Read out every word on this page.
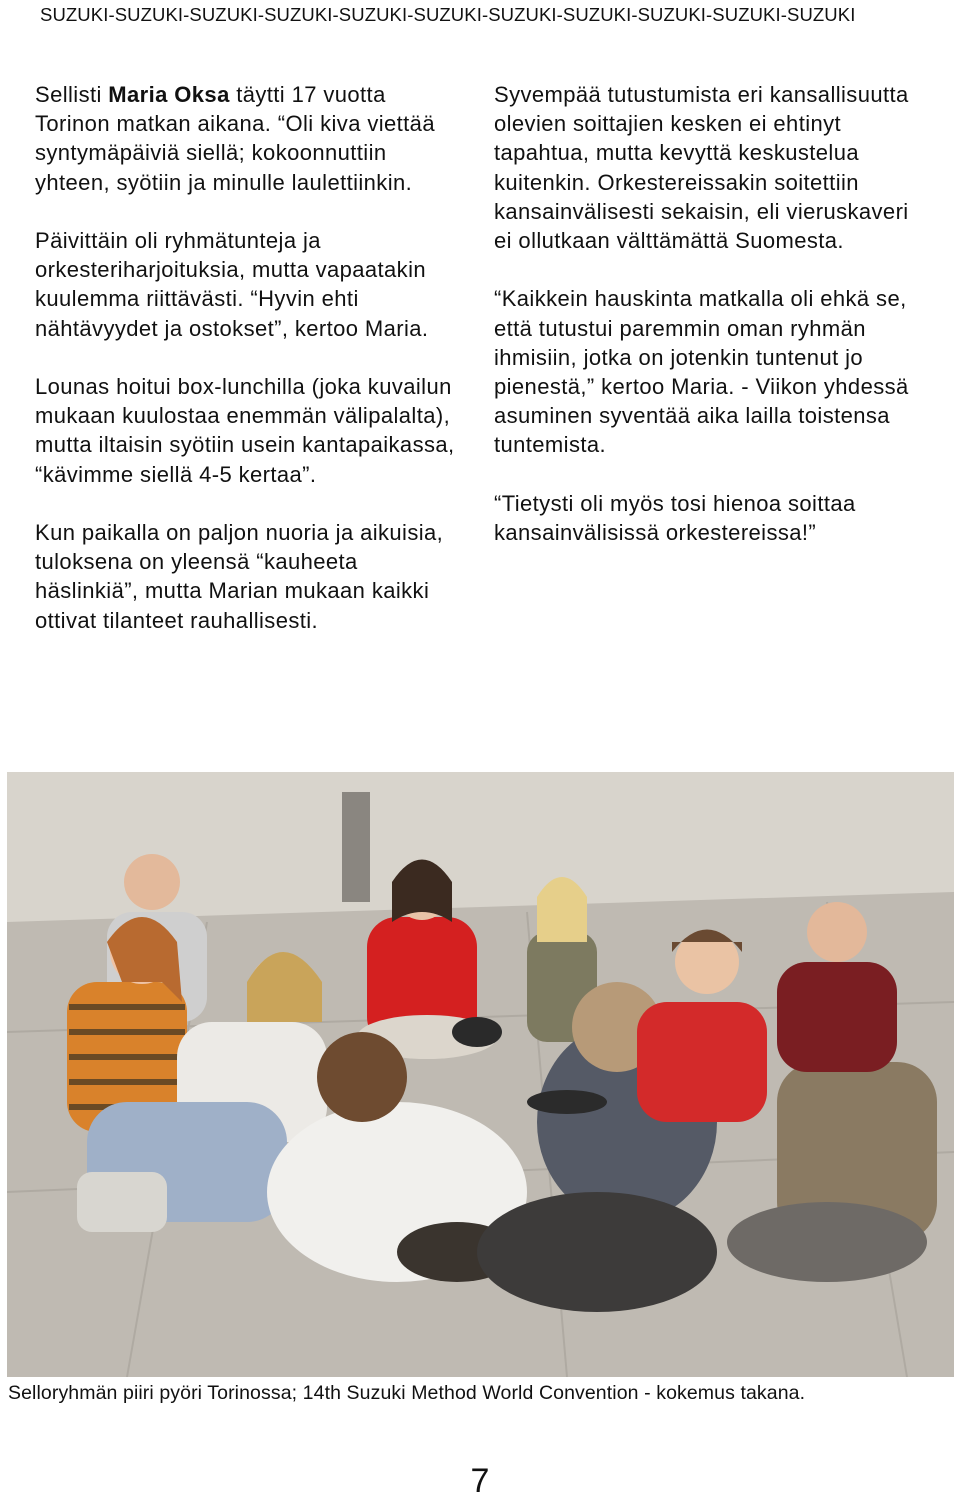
SUZUKI-SUZUKI-SUZUKI-SUZUKI-SUZUKI-SUZUKI-SUZUKI-SUZUKI-SUZUKI-SUZUKI-SUZUKI

Sellisti Maria Oksa täytti 17 vuotta Torinon matkan aikana. “Oli kiva viettää syntymäpäiviä siellä; kokoonnuttiin yhteen, syötiin ja minulle laulettiinkin.

Päivittäin oli ryhmätunteja ja orkesteriharjoituksia, mutta vapaatakin kuulemma riittävästi. “Hyvin ehti nähtävyydet ja ostokset”, kertoo Maria.

Lounas hoitui box-lunchilla (joka kuvailun mukaan kuulostaa enemmän välipalalta), mutta iltaisin syötiin usein kantapaikassa, “kävimme siellä 4-5 kertaa”.

Kun paikalla on paljon nuoria ja aikuisia, tuloksena on yleensä “kauheeta häslinkiä”, mutta Marian mukaan kaikki ottivat tilanteet rauhallisesti.

Syvempää tutustumista eri kansallisuutta olevien soittajien kesken ei ehtinyt tapahtua, mutta kevyttä keskustelua kuitenkin. Orkestereissakin soitettiin kansainvälisesti sekaisin, eli vieruskaveri ei ollutkaan välttämättä Suomesta.

“Kaikkein hauskinta matkalla oli ehkä se, että tutustui paremmin oman ryhmän ihmisiin, jotka on jotenkin tuntenut jo pienestä,” kertoo Maria. - Viikon yhdessä asuminen syventää aika lailla toistensa tuntemista.

“Tietysti oli myös tosi hienoa soittaa kansainvälisissä orkestereissa!”

Selloryhmän piiri pyöri Torinossa; 14th Suzuki Method World Convention - kokemus takana.
7
